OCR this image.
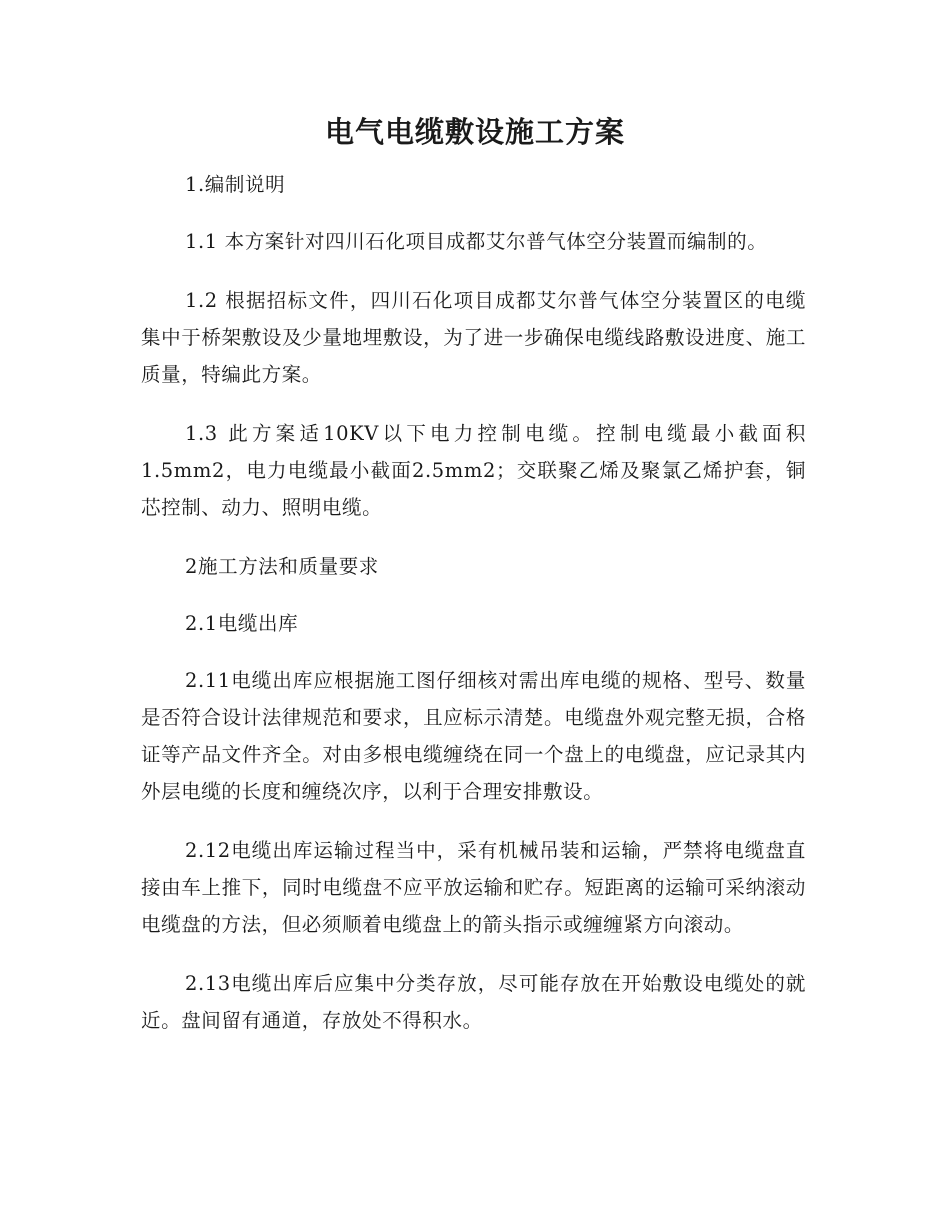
电气电缆敷设施工方案

1.编制说明

1.1 本方案针对四川石化项目成都艾尔普气体空分装置而编制的。

1.2 根据招标文件，四川石化项目成都艾尔普气体空分装置区的电缆集中于桥架敷设及少量地埋敷设，为了进一步确保电缆线路敷设进度、施工质量，特编此方案。

1.3 此方案适10KV以下电力控制电缆。控制电缆最小截面积1.5mm2，电力电缆最小截面2.5mm2；交联聚乙烯及聚氯乙烯护套，铜芯控制、动力、照明电缆。

2施工方法和质量要求

2.1电缆出库

2.11电缆出库应根据施工图仔细核对需出库电缆的规格、型号、数量是否符合设计法律规范和要求，且应标示清楚。电缆盘外观完整无损，合格证等产品文件齐全。对由多根电缆缠绕在同一个盘上的电缆盘，应记录其内外层电缆的长度和缠绕次序，以利于合理安排敷设。

2.12电缆出库运输过程当中，采有机械吊装和运输，严禁将电缆盘直接由车上推下，同时电缆盘不应平放运输和贮存。短距离的运输可采纳滚动电缆盘的方法，但必须顺着电缆盘上的箭头指示或缠缠紧方向滚动。

2.13电缆出库后应集中分类存放，尽可能存放在开始敷设电缆处的就近。盘间留有通道，存放处不得积水。
